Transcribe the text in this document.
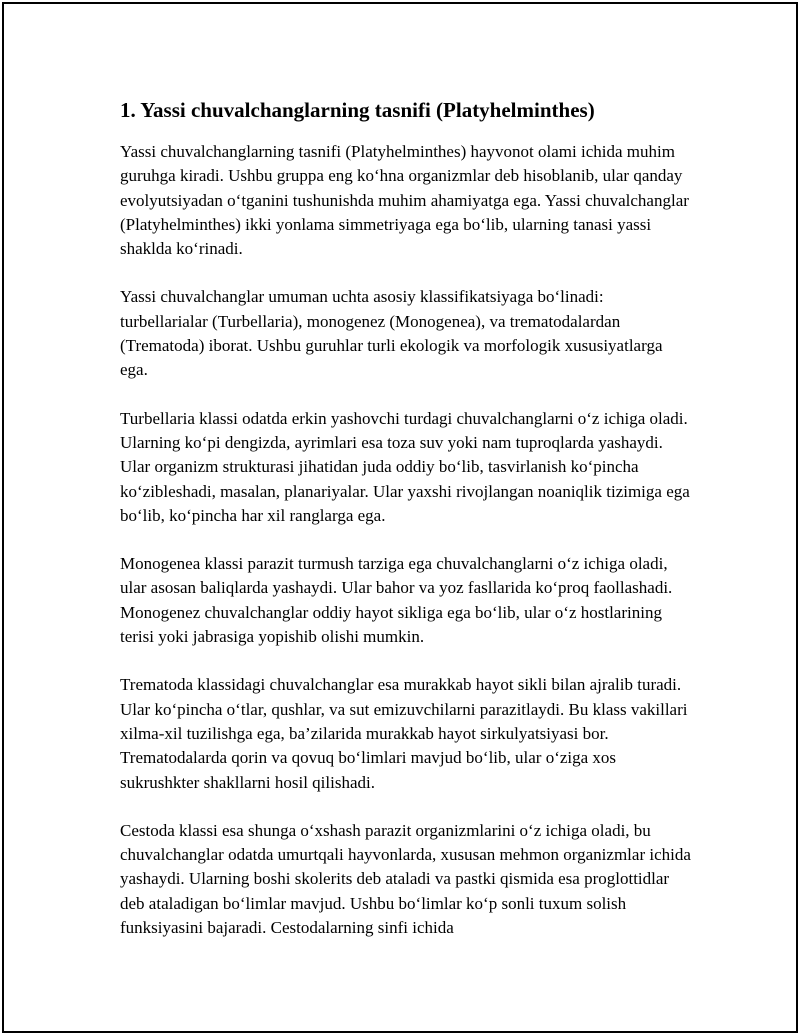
1. Yassi chuvalchanglarning tasnifi (Platyhelminthes)

Yassi chuvalchanglarning tasnifi (Platyhelminthes) hayvonot olami ichida muhim guruhga kiradi. Ushbu gruppa eng ko‘hna organizmlar deb hisoblanib, ular qanday evolyutsiyadan o‘tganini tushunishda muhim ahamiyatga ega. Yassi chuvalchanglar (Platyhelminthes) ikki yonlama simmetriyaga ega bo‘lib, ularning tanasi yassi shaklda ko‘rinadi.

Yassi chuvalchanglar umuman uchta asosiy klassifikatsiyaga bo‘linadi: turbellarialar (Turbellaria), monogenez (Monogenea), va trematodalardan (Trematoda) iborat. Ushbu guruhlar turli ekologik va morfologik xususiyatlarga ega.

Turbellaria klassi odatda erkin yashovchi turdagi chuvalchanglarni o‘z ichiga oladi. Ularning ko‘pi dengizda, ayrimlari esa toza suv yoki nam tuproqlarda yashaydi. Ular organizm strukturasi jihatidan juda oddiy bo‘lib, tasvirlanish ko‘pincha ko‘zibleshadi, masalan, planariyalar. Ular yaxshi rivojlangan noaniqlik tizimiga ega bo‘lib, ko‘pincha har xil ranglarga ega.

Monogenea klassi parazit turmush tarziga ega chuvalchanglarni o‘z ichiga oladi, ular asosan baliqlarda yashaydi. Ular bahor va yoz fasllarida ko‘proq faollashadi. Monogenez chuvalchanglar oddiy hayot sikliga ega bo‘lib, ular o‘z hostlarining terisi yoki jabrasiga yopishib olishi mumkin.

Trematoda klassidagi chuvalchanglar esa murakkab hayot sikli bilan ajralib turadi. Ular ko‘pincha o‘tlar, qushlar, va sut emizuvchilarni parazitlaydi. Bu klass vakillari xilma-xil tuzilishga ega, ba’zilarida murakkab hayot sirkulyatsiyasi bor. Trematodalarda qorin va qovuq bo‘limlari mavjud bo‘lib, ular o‘ziga xos sukrushkter shakllarni hosil qilishadi.

Cestoda klassi esa shunga o‘xshash parazit organizmlarini o‘z ichiga oladi, bu chuvalchanglar odatda umurtqali hayvonlarda, xususan mehmon organizmlar ichida yashaydi. Ularning boshi skolerits deb ataladi va pastki qismida esa proglottidlar deb ataladigan bo‘limlar mavjud. Ushbu bo‘limlar ko‘p sonli tuxum solish funksiyasini bajaradi. Cestodalarning sinfi ichida
